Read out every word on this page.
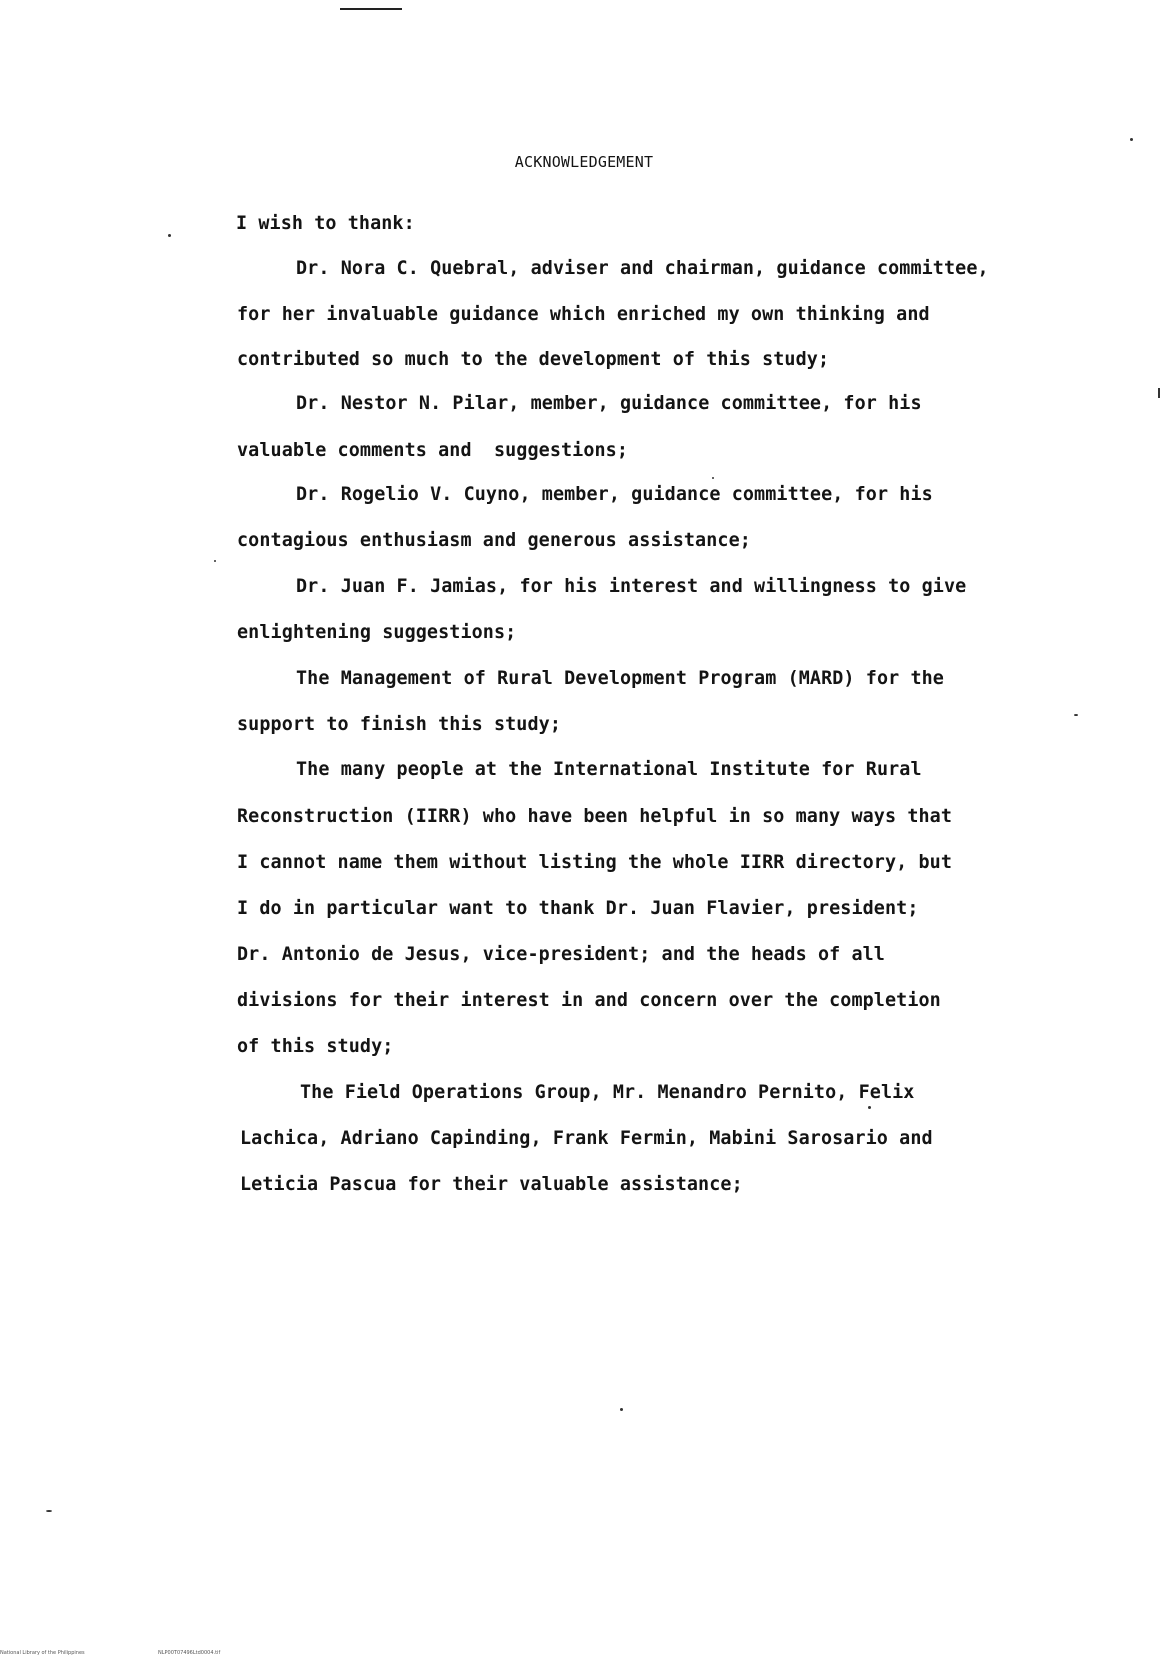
ACKNOWLEDGEMENT
I wish to thank:
Dr. Nora C. Quebral, adviser and chairman, guidance committee,
for her invaluable guidance which enriched my own thinking and
contributed so much to the development of this study;
Dr. Nestor N. Pilar, member, guidance committee, for his
valuable comments and  suggestions;
Dr. Rogelio V. Cuyno, member, guidance committee, for his
contagious enthusiasm and generous assistance;
Dr. Juan F. Jamias, for his interest and willingness to give
enlightening suggestions;
The Management of Rural Development Program (MARD) for the
support to finish this study;
The many people at the International Institute for Rural
Reconstruction (IIRR) who have been helpful in so many ways that
I cannot name them without listing the whole IIRR directory, but
I do in particular want to thank Dr. Juan Flavier, president;
Dr. Antonio de Jesus, vice-president; and the heads of all
divisions for their interest in and concern over the completion
of this study;
The Field Operations Group, Mr. Menandro Pernito, Felix
Lachica, Adriano Capinding, Frank Fermin, Mabini Sarosario and
Leticia Pascua for their valuable assistance;
National Library of the Philippines	NLP00T07496Ltd0004.tif
